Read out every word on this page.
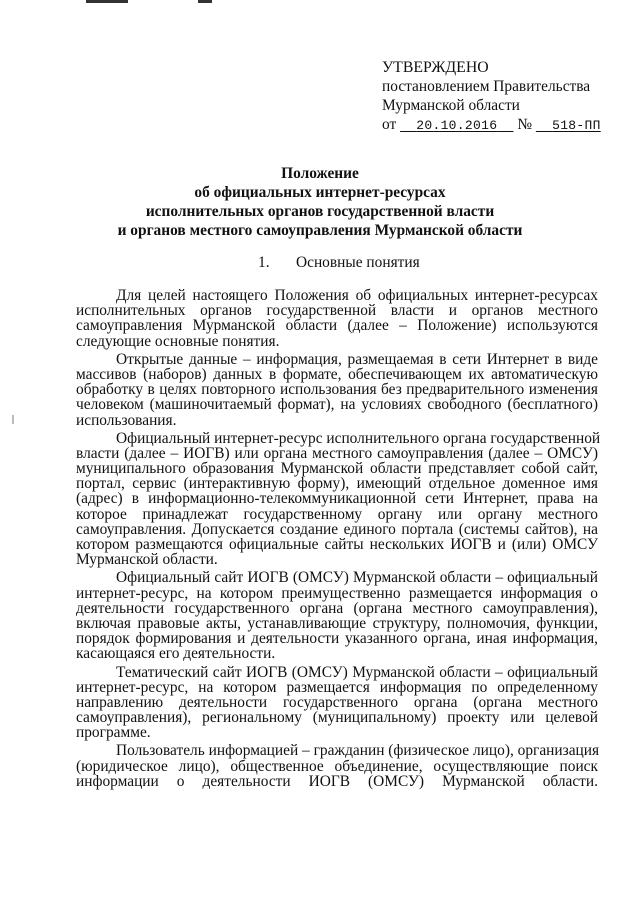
УТВЕРЖДЕНО
постановлением Правительства
Мурманской области
от 20.10.2016 № 518-ПП
Положение
об официальных интернет-ресурсах
исполнительных органов государственной власти
и органов местного самоуправления Мурманской области
1. Основные понятия
Для целей настоящего Положения об официальных интернет-ресурсах
исполнительных органов государственной власти и органов местного
самоуправления Мурманской области (далее – Положение) используются
следующие основные понятия.
Открытые данные – информация, размещаемая в сети Интернет в виде
массивов (наборов) данных в формате, обеспечивающем их автоматическую
обработку в целях повторного использования без предварительного изменения
человеком (машиночитаемый формат), на условиях свободного (бесплатного)
использования.
Официальный интернет-ресурс исполнительного органа государственной
власти (далее – ИОГВ) или органа местного самоуправления (далее – ОМСУ)
муниципального образования Мурманской области представляет собой сайт,
портал, сервис (интерактивную форму), имеющий отдельное доменное имя
(адрес) в информационно-телекоммуникационной сети Интернет, права на
которое принадлежат государственному органу или органу местного
самоуправления. Допускается создание единого портала (системы сайтов), на
котором размещаются официальные сайты нескольких ИОГВ и (или) ОМСУ
Мурманской области.
Официальный сайт ИОГВ (ОМСУ) Мурманской области – официальный
интернет-ресурс, на котором преимущественно размещается информация о
деятельности государственного органа (органа местного самоуправления),
включая правовые акты, устанавливающие структуру, полномочия, функции,
порядок формирования и деятельности указанного органа, иная информация,
касающаяся его деятельности.
Тематический сайт ИОГВ (ОМСУ) Мурманской области – официальный
интернет-ресурс, на котором размещается информация по определенному
направлению деятельности государственного органа (органа местного
самоуправления), региональному (муниципальному) проекту или целевой
программе.
Пользователь информацией – гражданин (физическое лицо), организация
(юридическое лицо), общественное объединение, осуществляющие поиск
информации о деятельности ИОГВ (ОМСУ) Мурманской области.
